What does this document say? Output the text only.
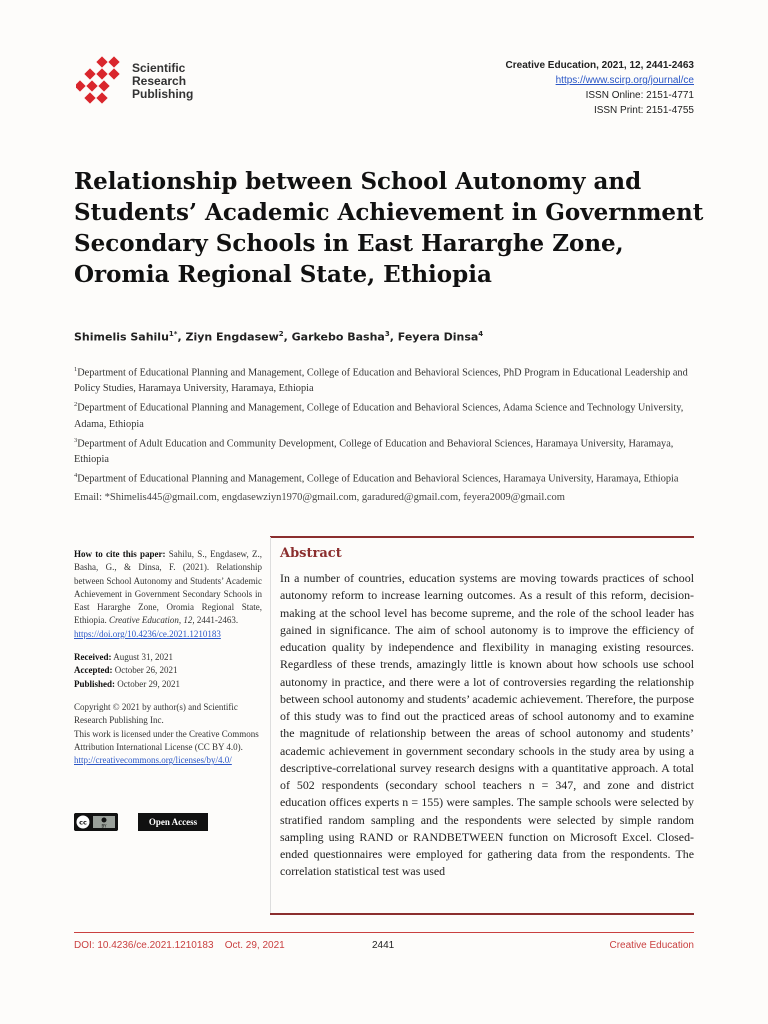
Scientific
Research
Publishing
Creative Education, 2021, 12, 2441-2463
https://www.scirp.org/journal/ce
ISSN Online: 2151-4771
ISSN Print: 2151-4755
Relationship between School Autonomy and Students’ Academic Achievement in Government Secondary Schools in East Hararghe Zone, Oromia Regional State, Ethiopia
Shimelis Sahilu$^{1*}$, Ziyn Engdasew$^2$, Garkebo Basha$^3$, Feyera Dinsa$^4$

$^1$Department of Educational Planning and Management, College of Education and Behavioral Sciences, PhD Program in Educational Leadership and Policy Studies, Haramaya University, Haramaya, Ethiopia

$^2$Department of Educational Planning and Management, College of Education and Behavioral Sciences, Adama Science and Technology University, Adama, Ethiopia

$^3$Department of Adult Education and Community Development, College of Education and Behavioral Sciences, Haramaya University, Haramaya, Ethiopia

$^4$Department of Educational Planning and Management, College of Education and Behavioral Sciences, Haramaya University, Haramaya, Ethiopia

Email: *Shimelis445@gmail.com, engdasewziyn1970@gmail.com, garadured@gmail.com, feyera2009@gmail.com
How to cite this paper: Sahilu, S., Engdasew, Z., Basha, G., & Dinsa, F. (2021). Relationship between School Autonomy and Students’ Academic Achievement in Government Secondary Schools in East Hararghe Zone, Oromia Regional State, Ethiopia. Creative Education, 12, 2441-2463.
https://doi.org/10.4236/ce.2021.1210183
Received: August 31, 2021
Accepted: October 26, 2021
Published: October 29, 2021
Copyright © 2021 by author(s) and Scientific Research Publishing Inc.
This work is licensed under the Creative Commons Attribution International License (CC BY 4.0).
http://creativecommons.org/licenses/by/4.0/
cc	BY	Open Access
Abstract
In a number of countries, education systems are moving towards practices of school autonomy reform to increase learning outcomes. As a result of this reform, decision-making at the school level has become supreme, and the role of the school leader has gained in significance. The aim of school autonomy is to improve the efficiency of education quality by independence and flexibility in managing existing resources. Regardless of these trends, amazingly little is known about how schools use school autonomy in practice, and there were a lot of controversies regarding the relationship between school autonomy and students’ academic achievement. Therefore, the purpose of this study was to find out the practiced areas of school autonomy and to examine the magnitude of relationship between the areas of school autonomy and students’ academic achievement in government secondary schools in the study area by using a descriptive-correlational survey research designs with a quantitative approach. A total of 502 respondents (secondary school teachers n = 347, and zone and district education offices experts n = 155) were samples. The sample schools were selected by stratified random sampling and the respondents were selected by simple random sampling using RAND or RANDBETWEEN function on Microsoft Excel. Closed-ended questionnaires were employed for gathering data from the respondents. The correlation statistical test was used
DOI: 10.4236/ce.2021.1210183 Oct. 29, 2021	2441	Creative Education
